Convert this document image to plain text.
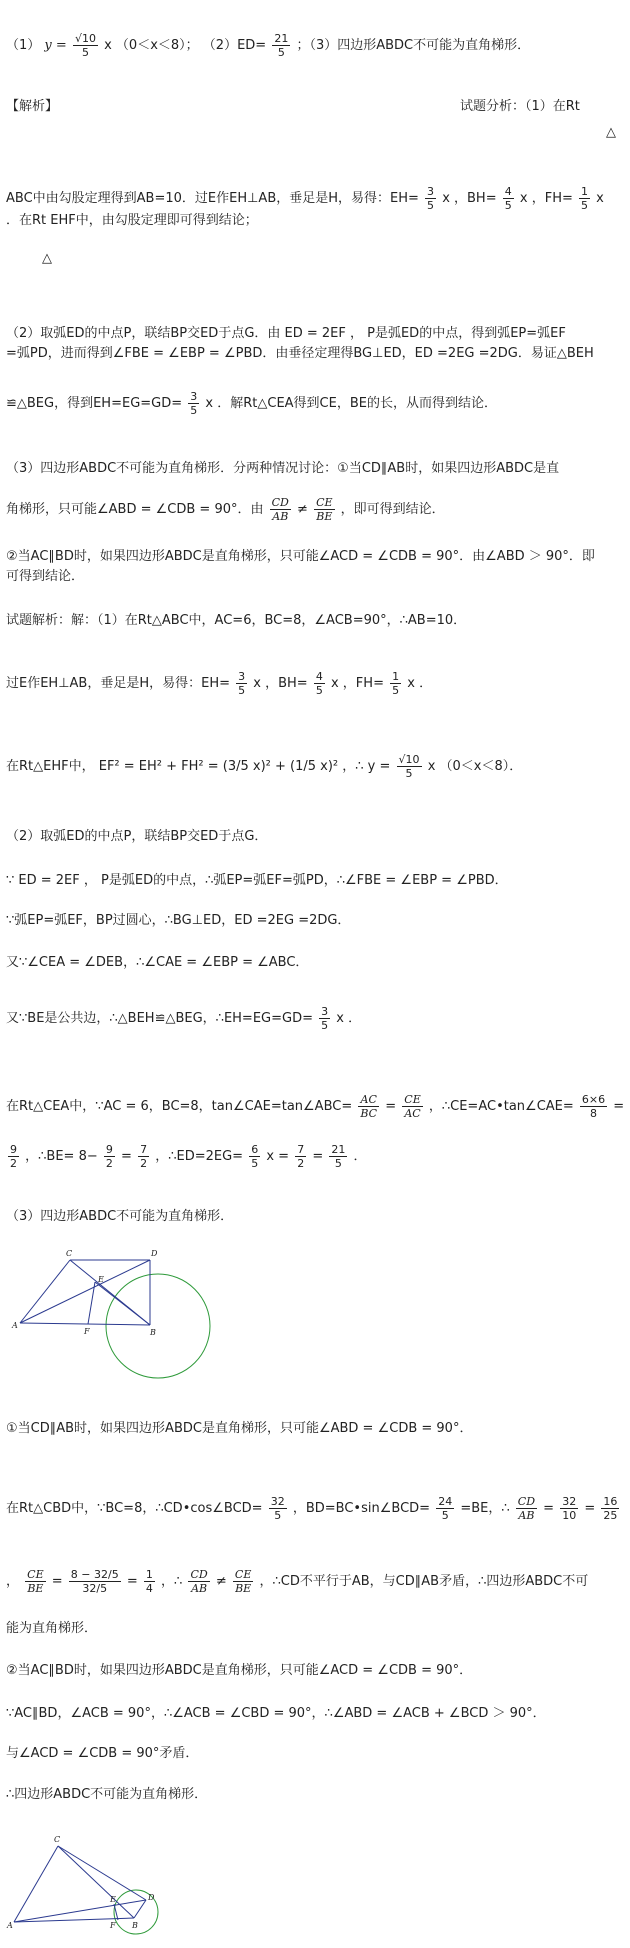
（1） $y = \frac{√10}{5}$ x （0＜x＜8）； $(2)ED= \frac{21}{5}$ ；（3）四边形ABDC不可能为直角梯形．
【解析】	试题分析：（1）在Rt
△
ABC中由勾股定理得到AB=10．过E作EH⊥AB，垂足是H，易得：$EH= \frac{3}{5}$ x ，$BH= \frac{4}{5}$ x ，$FH= \frac{1}{5}$ x
．在Rt EHF中，由勾股定理即可得到结论；
△
（2）取弧ED的中点P，联结BP交ED于点G．由 ED = 2EF ， P是弧ED的中点，得到弧EP=弧EF
=弧PD，进而得到∠FBE = ∠EBP = ∠PBD．由垂径定理得BG⊥ED，ED =2EG =2DG．易证△BEH
≌△BEG，得到$EH=EG=GD= \frac{3}{5}$ x ．解Rt△CEA得到CE，BE的长，从而得到结论．
（3）四边形ABDC不可能为直角梯形．分两种情况讨论：①当CD∥AB时，如果四边形ABDC是直
角梯形，只可能∠ABD = ∠CDB = 90°．由 $\frac{CD}{AB} \ne \frac{CE}{BE}$ ，即可得到结论．
②当AC∥BD时，如果四边形ABDC是直角梯形，只可能∠ACD = ∠CDB = 90°．由∠ABD ＞ 90°．即
可得到结论．
试题解析：解：（1）在Rt△ABC中，AC=6，BC=8，∠ACB=90°，∴AB=10．
过E作EH⊥AB，垂足是H，易得：$EH= \frac{3}{5}$ x ，$BH= \frac{4}{5}$ x ，$FH= \frac{1}{5}$ x ．
在Rt△EHF中， EF² = EH² + FH² = (3/5 x)² + (1/5 x)² ，∴ $y = \frac{√10}{5}$ x （0＜x＜8）．
（2）取弧ED的中点P，联结BP交ED于点G．
∵ ED = 2EF ， P是弧ED的中点，∴弧EP=弧EF=弧PD，∴∠FBE = ∠EBP = ∠PBD．
∵弧EP=弧EF，BP过圆心，∴BG⊥ED，ED =2EG =2DG．
又∵∠CEA = ∠DEB，∴∠CAE = ∠EBP = ∠ABC．
又∵BE是公共边，∴△BEH≌△BEG，∴EH=EG=GD= $\frac{3}{5}$ x ．
在Rt△CEA中，∵AC = 6，BC=8，tan∠CAE=tan∠ABC= $\frac{AC}{BC} = \frac{CE}{AC}$ ，∴CE=AC•tan∠CAE= $\frac{6\times 6}{8}$ =
$\frac{9}{2}$ ，∴BE= $8- \frac{9}{2} = \frac{7}{2}$ ，∴ED=2EG= $\frac{6}{5}$ $x = \frac{7}{2} = \frac{21}{5}$ ．
（3）四边形ABDC不可能为直角梯形．
C	D
E
A
F	B
①当CD∥AB时，如果四边形ABDC是直角梯形，只可能∠ABD = ∠CDB = 90°．
在Rt△CBD中，∵BC=8，∴CD•cos∠BCD= $\frac{32}{5}$ ，BD=BC•sin∠BCD= $\frac{24}{5} =BE$，∴ $\frac{CD}{AB} = \frac{32}{10} = \frac{16}{25}$
， $\frac{CE}{BE} = \frac{8 - 32/5}{32/5} = \frac{1}{4}$ ，∴ $\frac{CD}{AB} \ne \frac{CE}{BE}$ ，∴CD不平行于AB，与CD∥AB矛盾，∴四边形ABDC不可
能为直角梯形．
②当AC∥BD时，如果四边形ABDC是直角梯形，只可能∠ACD = ∠CDB = 90°．
∵AC∥BD，∠ACB = 90°，∴∠ACB = ∠CBD = 90°，∴∠ABD = ∠ACB + ∠BCD ＞ 90°．
与∠ACD = ∠CDB = 90°矛盾．
∴四边形ABDC不可能为直角梯形．
C
E	D
A	F B
